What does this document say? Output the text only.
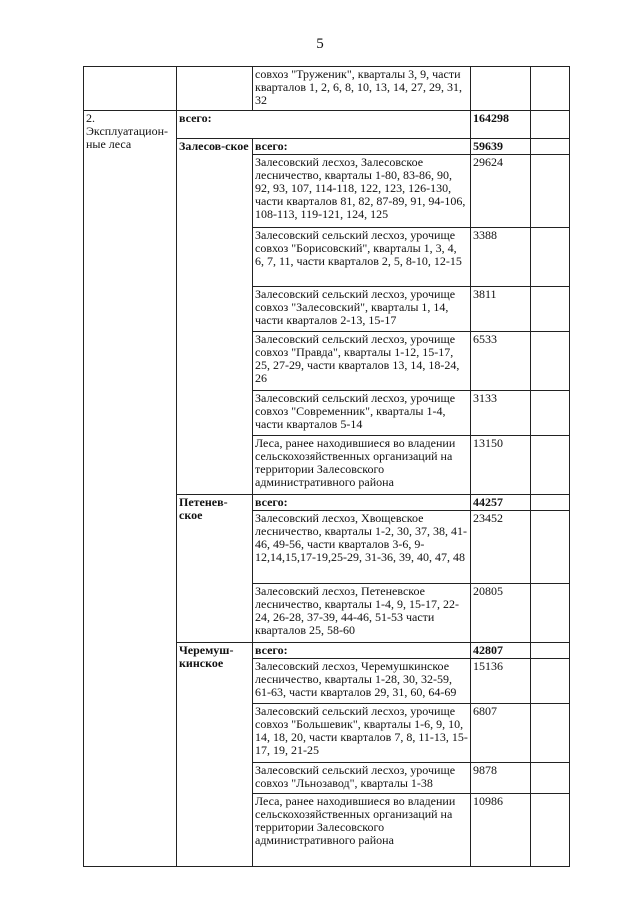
5
		совхоз "Труженик", кварталы 3, 9, части кварталов 1, 2, 6, 8, 10, 13, 14, 27, 29, 31, 32		
2. Эксплуатацион-ные леса	всего:		164298	
	Залесов-ское	всего:	59639	
		Залесовский лесхоз, Залесовское лесничество, кварталы 1-80, 83-86, 90, 92, 93, 107, 114-118, 122, 123, 126-130, части кварталов 81, 82, 87-89, 91, 94-106, 108-113, 119-121, 124, 125	29624	
		Залесовский сельский лесхоз, урочище совхоз "Борисовский", кварталы 1, 3, 4, 6, 7, 11, части кварталов 2, 5, 8-10, 12-15	3388	
		Залесовский сельский лесхоз, урочище совхоз "Залесовский", кварталы 1, 14, части кварталов 2-13, 15-17	3811	
		Залесовский сельский лесхоз, урочище совхоз "Правда", кварталы 1-12, 15-17, 25, 27-29, части кварталов 13, 14, 18-24, 26	6533	
		Залесовский сельский лесхоз, урочище совхоз "Современник", кварталы 1-4, части кварталов 5-14	3133	
		Леса, ранее находившиеся во владении сельскохозяйственных организаций на территории Залесовского административного района	13150	
	Петенев-ское	всего:	44257	
		Залесовский лесхоз, Хвощевское лесничество, кварталы 1-2, 30, 37, 38, 41-46, 49-56, части кварталов 3-6, 9-12,14,15,17-19,25-29, 31-36, 39, 40, 47, 48	23452	
		Залесовский лесхоз, Петеневское лесничество, кварталы 1-4, 9, 15-17, 22-24, 26-28, 37-39, 44-46, 51-53 части кварталов 25, 58-60	20805	
	Черемуш-кинское	всего:	42807	
		Залесовский лесхоз, Черемушкинское лесничество, кварталы 1-28, 30, 32-59, 61-63, части кварталов 29, 31, 60, 64-69	15136	
		Залесовский сельский лесхоз, урочище совхоз "Большевик", кварталы 1-6, 9, 10, 14, 18, 20, части кварталов 7, 8, 11-13, 15-17, 19, 21-25	6807	
		Залесовский сельский лесхоз, урочище совхоз "Льнозавод", кварталы 1-38	9878	
		Леса, ранее находившиеся во владении сельскохозяйственных организаций на территории Залесовского административного района	10986	
